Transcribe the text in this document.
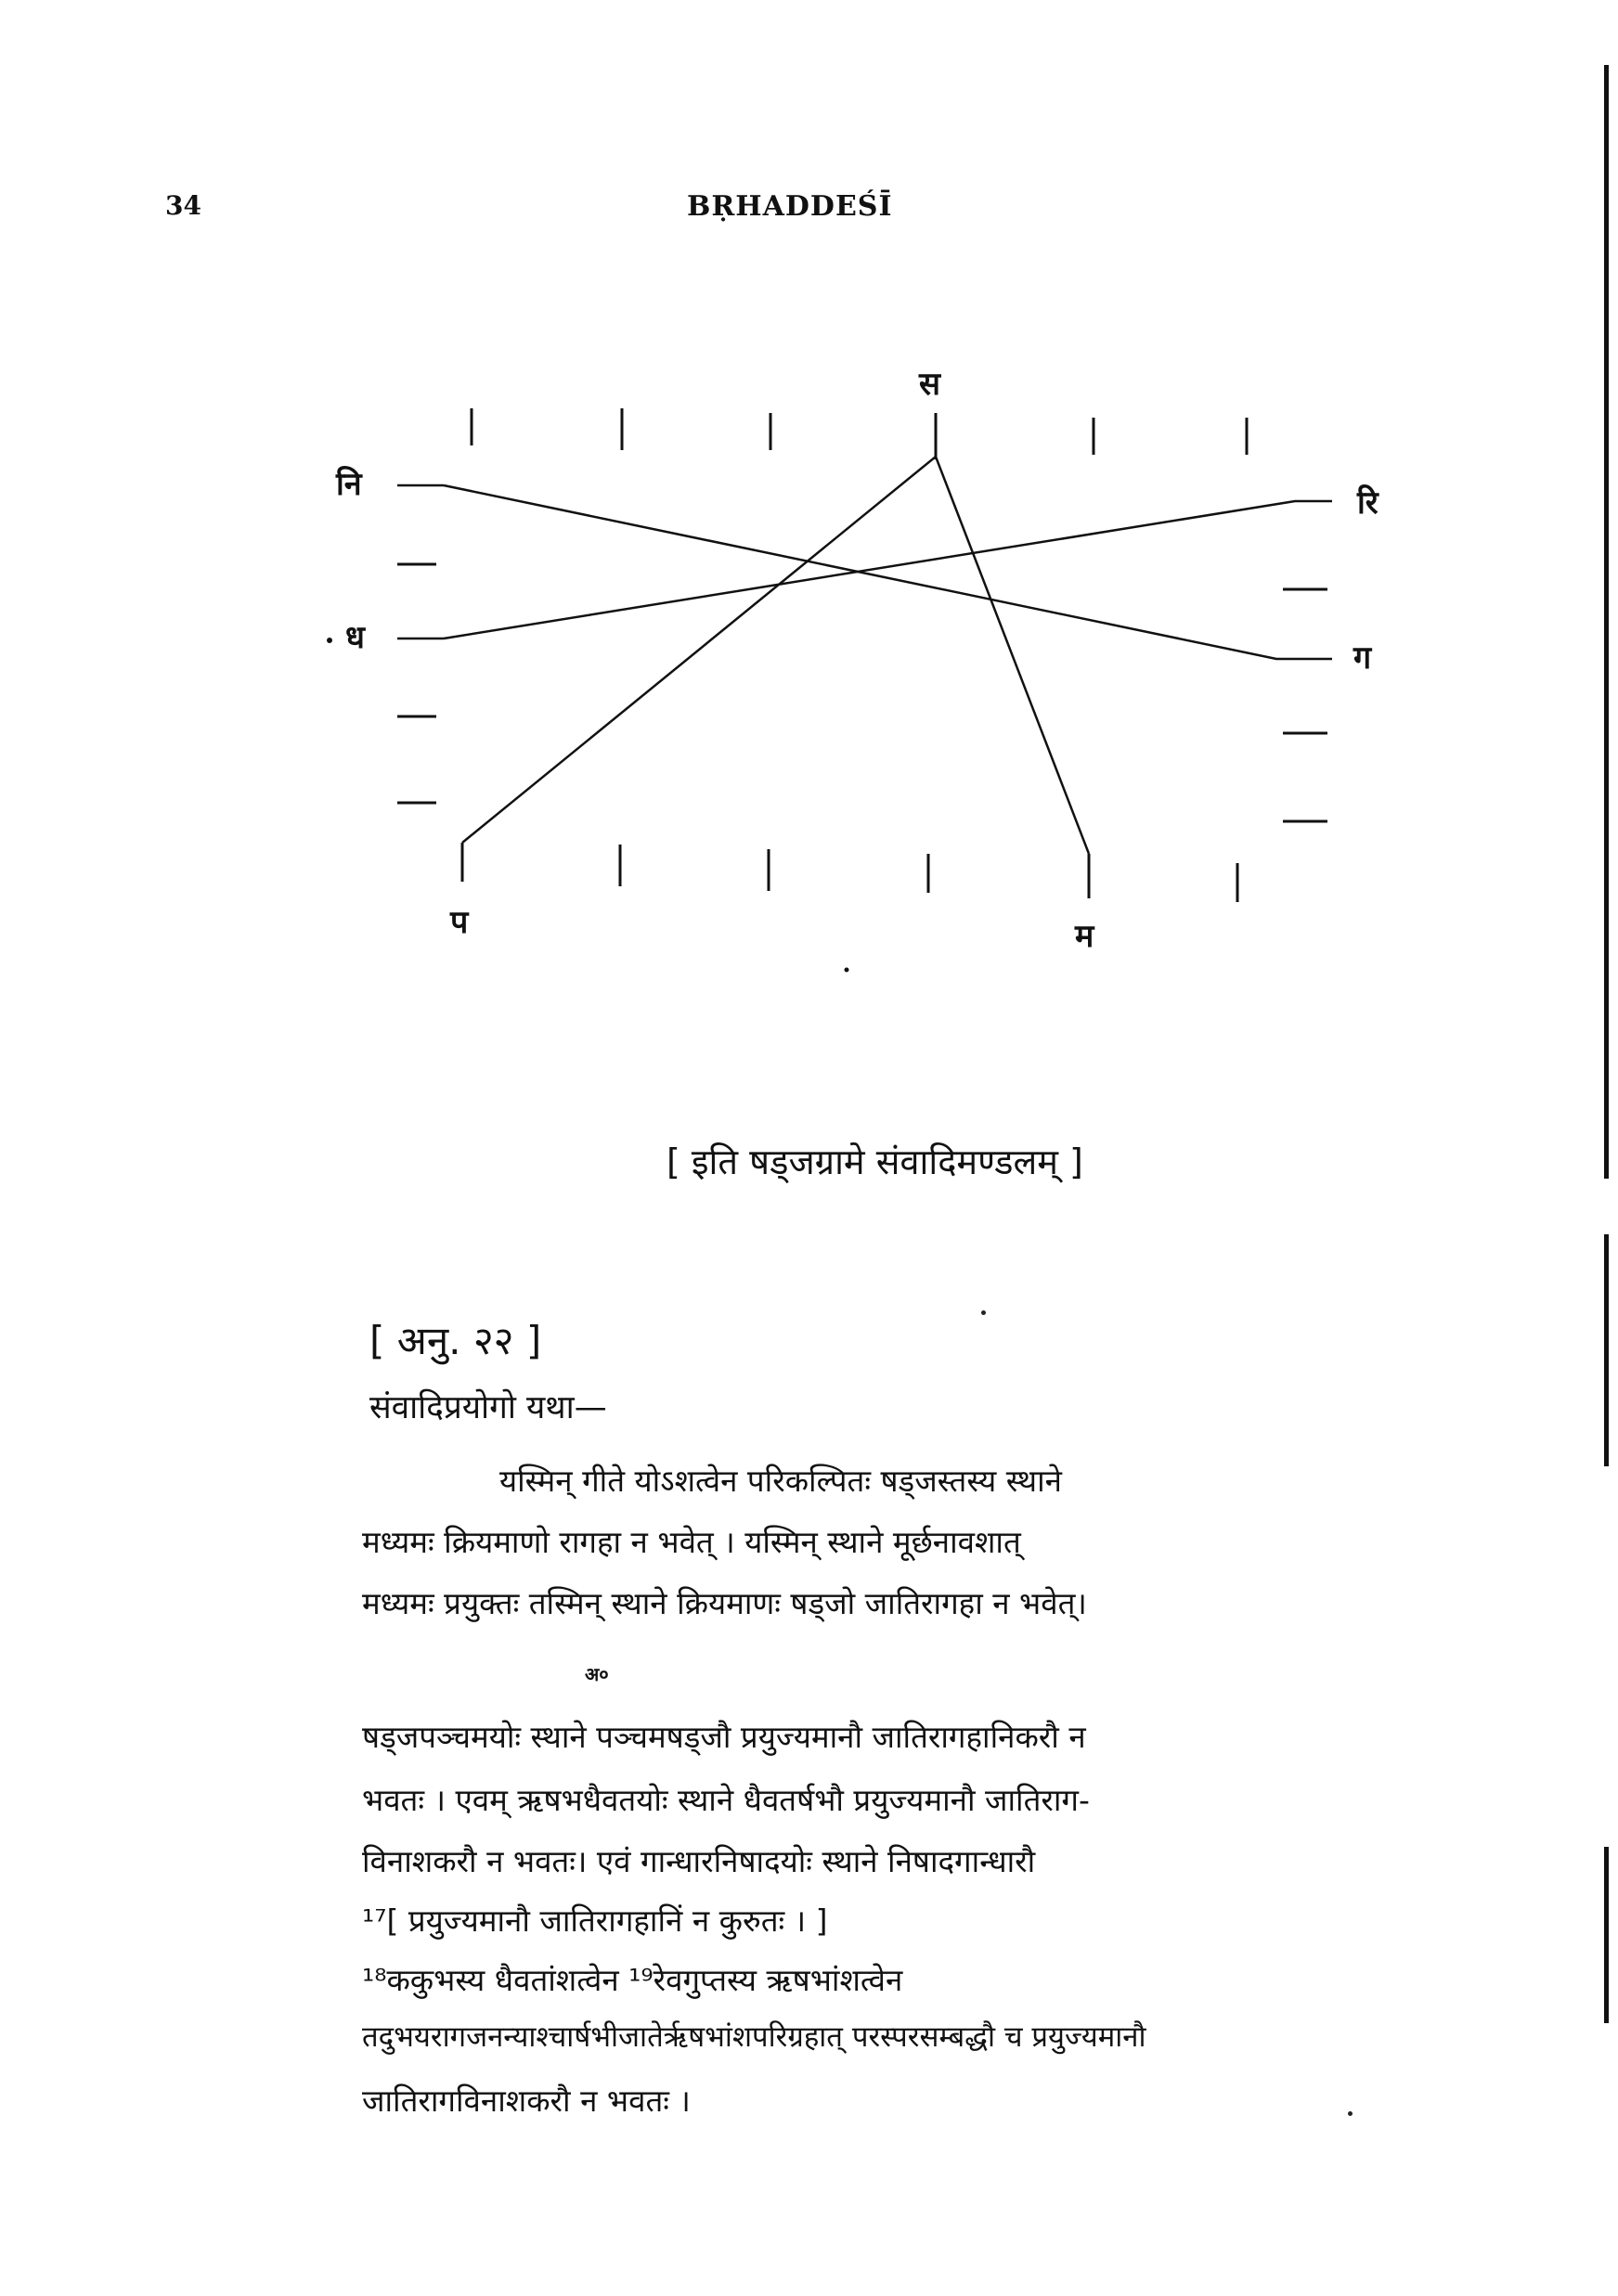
34	BṚHADDEŚĪ
स
रि
ग
म
प
ध
नि
[ इति षड्जग्रामे संवादिमण्डलम् ]
[ अनु. २२ ]
संवादिप्रयोगो यथा—
यस्मिन् गीते योऽशत्वेन परिकल्पितः षड्जस्तस्य स्थाने
मध्यमः क्रियमाणो रागहा न भवेत् । यस्मिन् स्थाने मूर्छनावशात्
मध्यमः प्रयुक्तः तस्मिन् स्थाने क्रियमाणः षड्जो जातिरागहा न भवेत्।
अ०
षड्जपञ्चमयोः स्थाने पञ्चमषड्जौ प्रयुज्यमानौ जातिरागहानिकरौ न
भवतः । एवम् ऋषभधैवतयोः स्थाने धैवतर्षभौ प्रयुज्यमानौ जातिराग-
विनाशकरौ न भवतः। एवं गान्धारनिषादयोः स्थाने निषादगान्धारौ
¹⁷[ प्रयुज्यमानौ जातिरागहानिं न कुरुतः । ]
¹⁸ककुभस्य धैवतांशत्वेन ¹⁹रेवगुप्तस्य ऋषभांशत्वेन
तदुभयरागजनन्याश्चार्षभीजातेर्ऋषभांशपरिग्रहात् परस्परसम्बद्धौ च प्रयुज्यमानौ
जातिरागविनाशकरौ न भवतः ।
